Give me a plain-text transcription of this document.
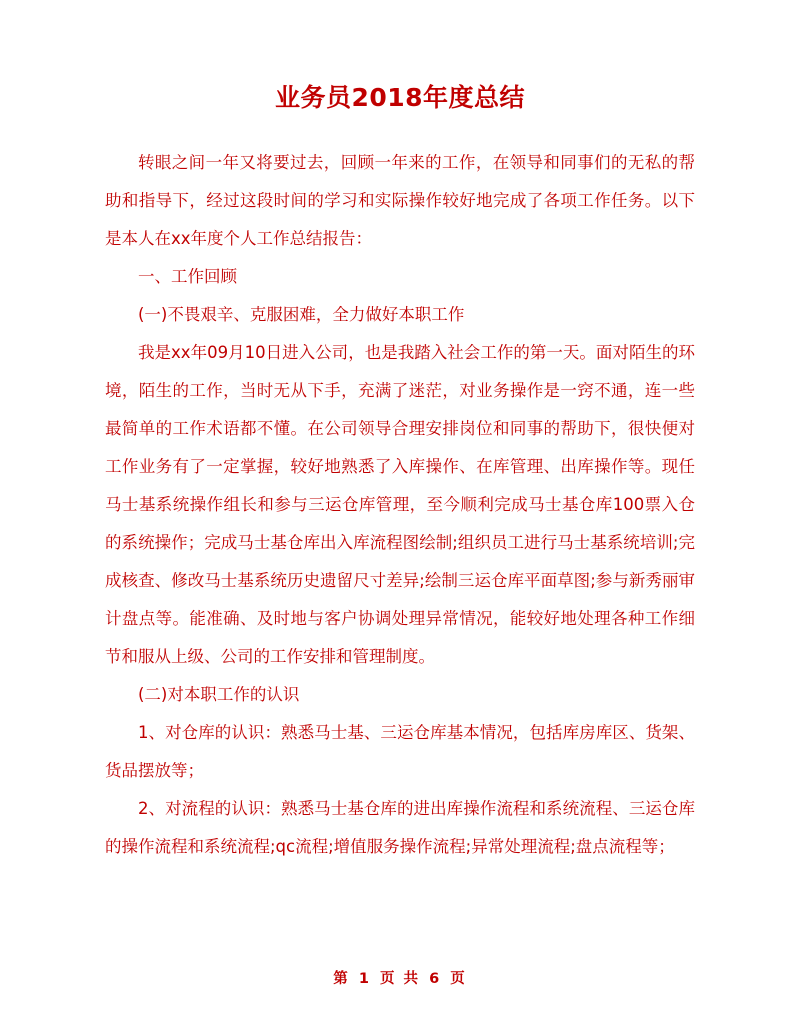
业务员2018年度总结

转眼之间一年又将要过去，回顾一年来的工作，在领导和同事们的无私的帮助和指导下，经过这段时间的学习和实际操作较好地完成了各项工作任务。以下是本人在xx年度个人工作总结报告：

一、工作回顾

(一)不畏艰辛、克服困难，全力做好本职工作

我是xx年09月10日进入公司，也是我踏入社会工作的第一天。面对陌生的环境，陌生的工作，当时无从下手，充满了迷茫，对业务操作是一窍不通，连一些最简单的工作术语都不懂。在公司领导合理安排岗位和同事的帮助下，很快便对工作业务有了一定掌握，较好地熟悉了入库操作、在库管理、出库操作等。现任马士基系统操作组长和参与三运仓库管理，至今顺利完成马士基仓库100票入仓的系统操作；完成马士基仓库出入库流程图绘制;组织员工进行马士基系统培训;完成核查、修改马士基系统历史遗留尺寸差异;绘制三运仓库平面草图;参与新秀丽审计盘点等。能准确、及时地与客户协调处理异常情况，能较好地处理各种工作细节和服从上级、公司的工作安排和管理制度。

(二)对本职工作的认识

1、对仓库的认识：熟悉马士基、三运仓库基本情况，包括库房库区、货架、货品摆放等；

2、对流程的认识：熟悉马士基仓库的进出库操作流程和系统流程、三运仓库的操作流程和系统流程;qc流程;增值服务操作流程;异常处理流程;盘点流程等；

第 1 页 共 6 页
